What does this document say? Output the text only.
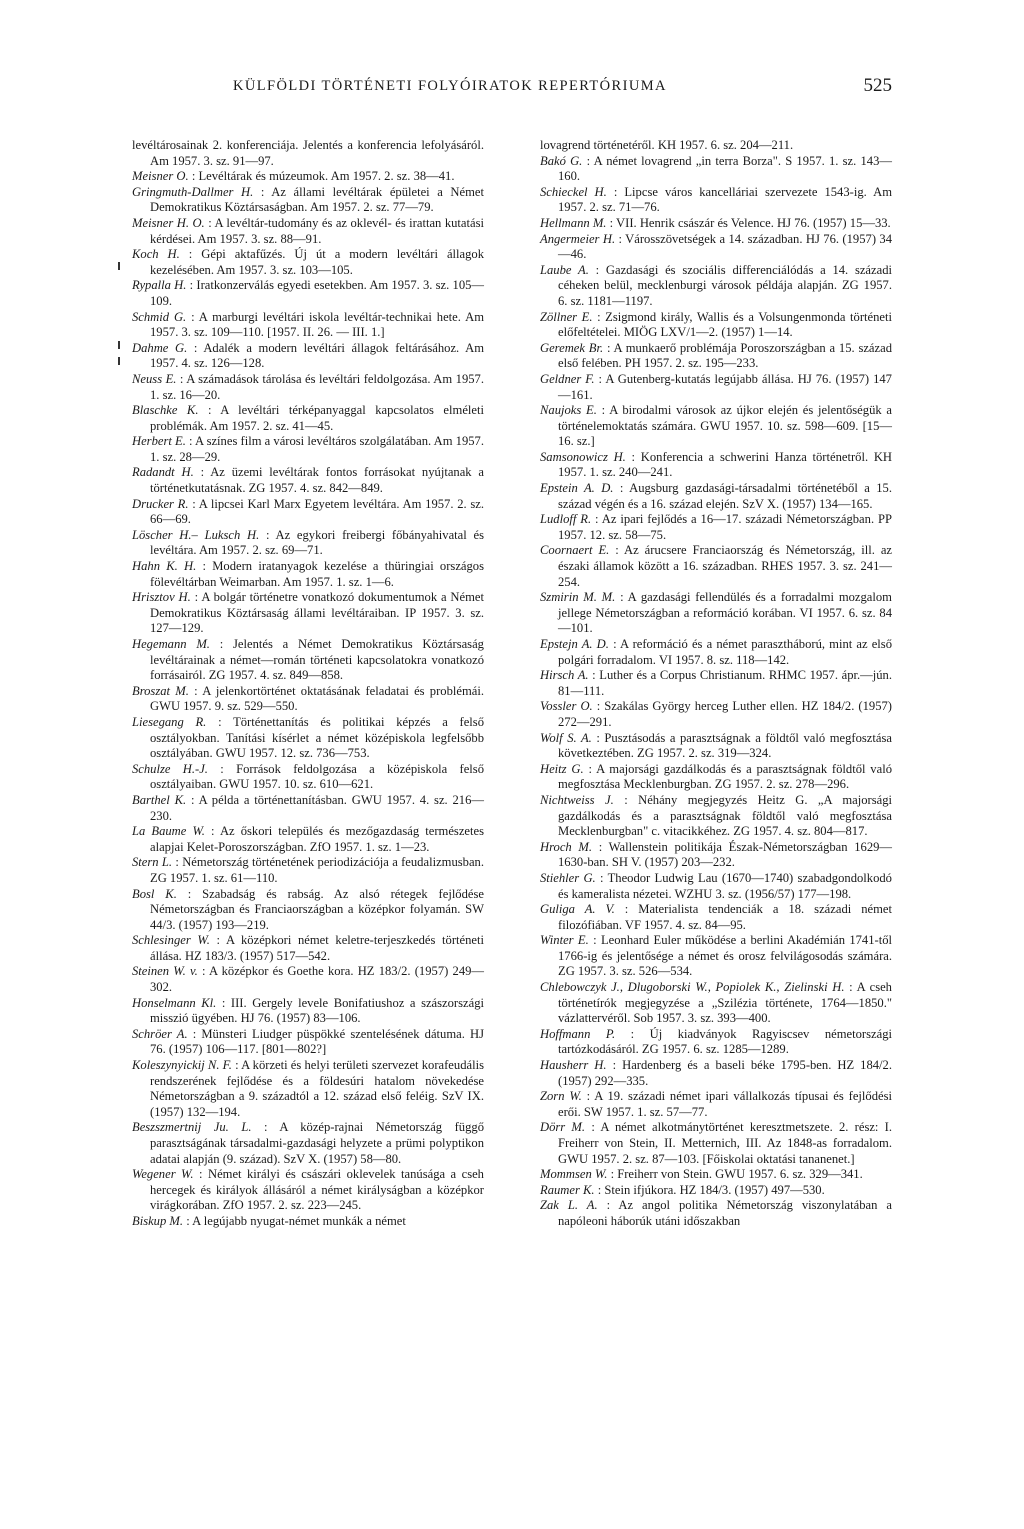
KÜLFÖLDI TÖRTÉNETI FOLYÓIRATOK REPERTÓRIUMA	525

levéltárosainak 2. konferenciája. Jelentés a konferencia lefolyásáról. Am 1957. 3. sz. 91—97.

Meisner O. : Levéltárak és múzeumok. Am 1957. 2. sz. 38—41.

Gringmuth-Dallmer H. : Az állami levéltárak épületei a Német Demokratikus Köztársaságban. Am 1957. 2. sz. 77—79.

Meisner H. O. : A levéltár-tudomány és az oklevél- és irattan kutatási kérdései. Am 1957. 3. sz. 88—91.

Koch H. : Gépi aktafűzés. Új út a modern levéltári állagok kezelésében. Am 1957. 3. sz. 103—105.

Rypalla H. : Iratkonzerválás egyedi esetekben. Am 1957. 3. sz. 105—109.

Schmid G. : A marburgi levéltári iskola levéltár-technikai hete. Am 1957. 3. sz. 109—110. [1957. II. 26. — III. 1.]

Dahme G. : Adalék a modern levéltári állagok feltárásához. Am 1957. 4. sz. 126—128.

Neuss E. : A számadások tárolása és levéltári feldolgozása. Am 1957. 1. sz. 16—20.

Blaschke K. : A levéltári térképanyaggal kapcsolatos elméleti problémák. Am 1957. 2. sz. 41—45.

Herbert E. : A színes film a városi levéltáros szolgálatában. Am 1957. 1. sz. 28—29.

Radandt H. : Az üzemi levéltárak fontos forrásokat nyújtanak a történetkutatásnak. ZG 1957. 4. sz. 842—849.

Drucker R. : A lipcsei Karl Marx Egyetem levéltára. Am 1957. 2. sz. 66—69.

Löscher H.– Luksch H. : Az egykori freibergi főbányahivatal és levéltára. Am 1957. 2. sz. 69—71.

Hahn K. H. : Modern iratanyagok kezelése a thüringiai országos fölevéltárban Weimarban. Am 1957. 1. sz. 1—6.

Hrisztov H. : A bolgár történetre vonatkozó dokumentumok a Német Demokratikus Köztársaság állami levéltáraiban. IP 1957. 3. sz. 127—129.

Hegemann M. : Jelentés a Német Demokratikus Köztársaság levéltárainak a német—román történeti kapcsolatokra vonatkozó forrásairól. ZG 1957. 4. sz. 849—858.

Broszat M. : A jelenkortörténet oktatásának feladatai és problémái. GWU 1957. 9. sz. 529—550.

Liesegang R. : Történettanítás és politikai képzés a felső osztályokban. Tanítási kísérlet a német középiskola legfelsőbb osztályában. GWU 1957. 12. sz. 736—753.

Schulze H.-J. : Források feldolgozása a középiskola felső osztályaiban. GWU 1957. 10. sz. 610—621.

Barthel K. : A példa a történettanításban. GWU 1957. 4. sz. 216—230.

La Baume W. : Az őskori település és mezőgazdaság természetes alapjai Kelet-Poroszországban. ZfO 1957. 1. sz. 1—23.

Stern L. : Németország történetének periodizációja a feudalizmusban. ZG 1957. 1. sz. 61—110.

Bosl K. : Szabadság és rabság. Az alsó rétegek fejlődése Németországban és Franciaországban a középkor folyamán. SW 44/3. (1957) 193—219.

Schlesinger W. : A középkori német keletre-terjeszkedés történeti állása. HZ 183/3. (1957) 517—542.

Steinen W. v. : A középkor és Goethe kora. HZ 183/2. (1957) 249—302.

Honselmann Kl. : III. Gergely levele Bonifatiushoz a szászországi misszió ügyében. HJ 76. (1957) 83—106.

Schröer A. : Münsteri Liudger püspökké szentelésének dátuma. HJ 76. (1957) 106—117. [801—802?]

Koleszynyickij N. F. : A körzeti és helyi területi szervezet korafeudális rendszerének fejlődése és a földesúri hatalom növekedése Németországban a 9. századtól a 12. század első feléig. SzV IX. (1957) 132—194.

Beszszmertnij Ju. L. : A közép-rajnai Németország függő parasztságának társadalmi-gazdasági helyzete a prümi polyptikon adatai alapján (9. század). SzV X. (1957) 58—80.

Wegener W. : Német királyi és császári oklevelek tanúsága a cseh hercegek és királyok állásáról a német királyságban a középkor virágkorában. ZfO 1957. 2. sz. 223—245.

Biskup M. : A legújabb nyugat-német munkák a német

lovagrend történetéről. KH 1957. 6. sz. 204—211.

Bakó G. : A német lovagrend „in terra Borza". S 1957. 1. sz. 143—160.

Schieckel H. : Lipcse város kancelláriai szervezete 1543-ig. Am 1957. 2. sz. 71—76.

Hellmann M. : VII. Henrik császár és Velence. HJ 76. (1957) 15—33.

Angermeier H. : Városszövetségek a 14. században. HJ 76. (1957) 34—46.

Laube A. : Gazdasági és szociális differenciálódás a 14. századi céheken belül, mecklenburgi városok példája alapján. ZG 1957. 6. sz. 1181—1197.

Zöllner E. : Zsigmond király, Wallis és a Volsungenmonda történeti előfeltételei. MIÖG LXV/1—2. (1957) 1—14.

Geremek Br. : A munkaerő problémája Poroszországban a 15. század első felében. PH 1957. 2. sz. 195—233.

Geldner F. : A Gutenberg-kutatás legújabb állása. HJ 76. (1957) 147—161.

Naujoks E. : A birodalmi városok az újkor elején és jelentőségük a történelemoktatás számára. GWU 1957. 10. sz. 598—609. [15—16. sz.]

Samsonowicz H. : Konferencia a schwerini Hanza történetről. KH 1957. 1. sz. 240—241.

Epstein A. D. : Augsburg gazdasági-társadalmi történetéből a 15. század végén és a 16. század elején. SzV X. (1957) 134—165.

Ludloff R. : Az ipari fejlődés a 16—17. századi Németországban. PP 1957. 12. sz. 58—75.

Coornaert E. : Az árucsere Franciaország és Németország, ill. az északi államok között a 16. században. RHES 1957. 3. sz. 241—254.

Szmirin M. M. : A gazdasági fellendülés és a forradalmi mozgalom jellege Németországban a reformáció korában. VI 1957. 6. sz. 84—101.

Epstejn A. D. : A reformáció és a német parasztháború, mint az első polgári forradalom. VI 1957. 8. sz. 118—142.

Hirsch A. : Luther és a Corpus Christianum. RHMC 1957. ápr.—jún. 81—111.

Vossler O. : Szakálas György herceg Luther ellen. HZ 184/2. (1957) 272—291.

Wolf S. A. : Pusztásodás a parasztságnak a földtől való megfosztása következtében. ZG 1957. 2. sz. 319—324.

Heitz G. : A majorsági gazdálkodás és a parasztságnak földtől való megfosztása Mecklenburgban. ZG 1957. 2. sz. 278—296.

Nichtweiss J. : Néhány megjegyzés Heitz G. „A majorsági gazdálkodás és a parasztságnak földtől való megfosztása Mecklenburgban" c. vitacikkéhez. ZG 1957. 4. sz. 804—817.

Hroch M. : Wallenstein politikája Észak-Németországban 1629—1630-ban. SH V. (1957) 203—232.

Stiehler G. : Theodor Ludwig Lau (1670—1740) szabadgondolkodó és kameralista nézetei. WZHU 3. sz. (1956/57) 177—198.

Guliga A. V. : Materialista tendenciák a 18. századi német filozófiában. VF 1957. 4. sz. 84—95.

Winter E. : Leonhard Euler működése a berlini Akadémián 1741-től 1766-ig és jelentősége a német és orosz felvilágosodás számára. ZG 1957. 3. sz. 526—534.

Chlebowczyk J., Dlugoborski W., Popiolek K., Zielinski H. : A cseh történetírók megjegyzése a „Szilézia története, 1764—1850." vázlattervéről. Sob 1957. 3. sz. 393—400.

Hoffmann P. : Új kiadványok Ragyiscsev németországi tartózkodásáról. ZG 1957. 6. sz. 1285—1289.

Hausherr H. : Hardenberg és a baseli béke 1795-ben. HZ 184/2. (1957) 292—335.

Zorn W. : A 19. századi német ipari vállalkozás típusai és fejlődési erői. SW 1957. 1. sz. 57—77.

Dörr M. : A német alkotmánytörténet keresztmetszete. 2. rész: I. Freiherr von Stein, II. Metternich, III. Az 1848-as forradalom. GWU 1957. 2. sz. 87—103. [Főiskolai oktatási tananenet.]

Mommsen W. : Freiherr von Stein. GWU 1957. 6. sz. 329—341.

Raumer K. : Stein ifjúkora. HZ 184/3. (1957) 497—530.

Zak L. A. : Az angol politika Németország viszonylatában a napóleoni háborúk utáni időszakban
